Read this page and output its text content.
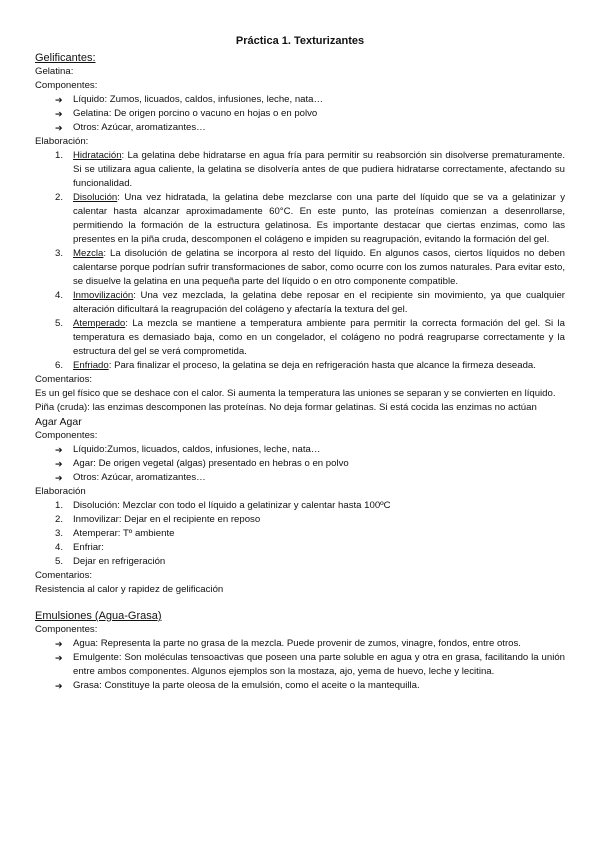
Práctica 1. Texturizantes
Gelificantes:
Gelatina:
Componentes:
➔ Líquido: Zumos, licuados, caldos, infusiones, leche, nata…
➔ Gelatina: De origen porcino o vacuno en hojas o en polvo
➔ Otros: Azúcar, aromatizantes…
Elaboración:
1. Hidratación: La gelatina debe hidratarse en agua fría para permitir su reabsorción sin disolverse prematuramente. Si se utilizara agua caliente, la gelatina se disolvería antes de que pudiera hidratarse correctamente, afectando su funcionalidad.
2. Disolución: Una vez hidratada, la gelatina debe mezclarse con una parte del líquido que se va a gelatinizar y calentar hasta alcanzar aproximadamente 60°C. En este punto, las proteínas comienzan a desenrollarse, permitiendo la formación de la estructura gelatinosa. Es importante destacar que ciertas enzimas, como las presentes en la piña cruda, descomponen el colágeno e impiden su reagrupación, evitando la formación del gel.
3. Mezcla: La disolución de gelatina se incorpora al resto del líquido. En algunos casos, ciertos líquidos no deben calentarse porque podrían sufrir transformaciones de sabor, como ocurre con los zumos naturales. Para evitar esto, se disuelve la gelatina en una pequeña parte del líquido o en otro componente compatible.
4. Inmovilización: Una vez mezclada, la gelatina debe reposar en el recipiente sin movimiento, ya que cualquier alteración dificultará la reagrupación del colágeno y afectaría la textura del gel.
5. Atemperado: La mezcla se mantiene a temperatura ambiente para permitir la correcta formación del gel. Si la temperatura es demasiado baja, como en un congelador, el colágeno no podrá reagruparse correctamente y la estructura del gel se verá comprometida.
6. Enfriado: Para finalizar el proceso, la gelatina se deja en refrigeración hasta que alcance la firmeza deseada.
Comentarios:
Es un gel físico que se deshace con el calor. Si aumenta la temperatura las uniones se separan y se convierten en líquido.
Piña (cruda): las enzimas descomponen las proteínas. No deja formar gelatinas. Si está cocida las enzimas no actúan
Agar Agar
Componentes:
➔ Líquido:Zumos, licuados, caldos, infusiones, leche, nata…
➔ Agar: De origen vegetal (algas) presentado en hebras o en polvo
➔ Otros: Azúcar, aromatizantes…
Elaboración
1. Disolución: Mezclar con todo el líquido a gelatinizar y calentar hasta 100ºC
2. Inmovilizar: Dejar en el recipiente en reposo
3. Atemperar: Tº ambiente
4. Enfriar:
5. Dejar en refrigeración
Comentarios:
Resistencia al calor y rapidez de gelificación
Emulsiones (Agua-Grasa)
Componentes:
➔ Agua: Representa la parte no grasa de la mezcla. Puede provenir de zumos, vinagre, fondos, entre otros.
➔ Emulgente: Son moléculas tensoactivas que poseen una parte soluble en agua y otra en grasa, facilitando la unión entre ambos componentes. Algunos ejemplos son la mostaza, ajo, yema de huevo, leche y lecitina.
➔ Grasa: Constituye la parte oleosa de la emulsión, como el aceite o la mantequilla.
